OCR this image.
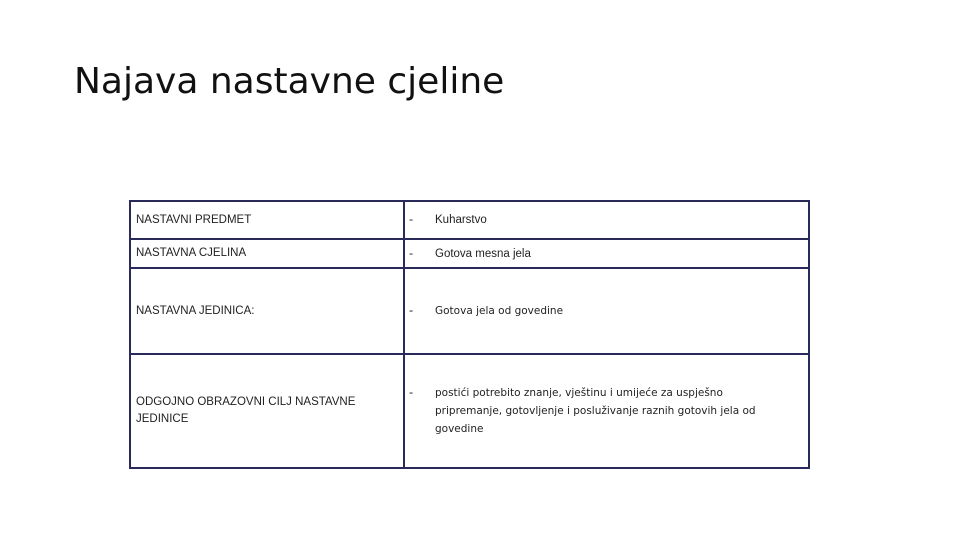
Najava nastavne cjeline
NASTAVNI PREDMET	- Kuharstvo

NASTAVNA CJELINA	- Gotova mesna jela

NASTAVNA JEDINICA:	- Gotova jela od govedine

ODGOJNO OBRAZOVNI CILJ NASTAVNE JEDINICE	- postići potrebito znanje, vještinu i umijeće za uspješno pripremanje, gotovljenje i posluživanje raznih gotovih jela od govedine
